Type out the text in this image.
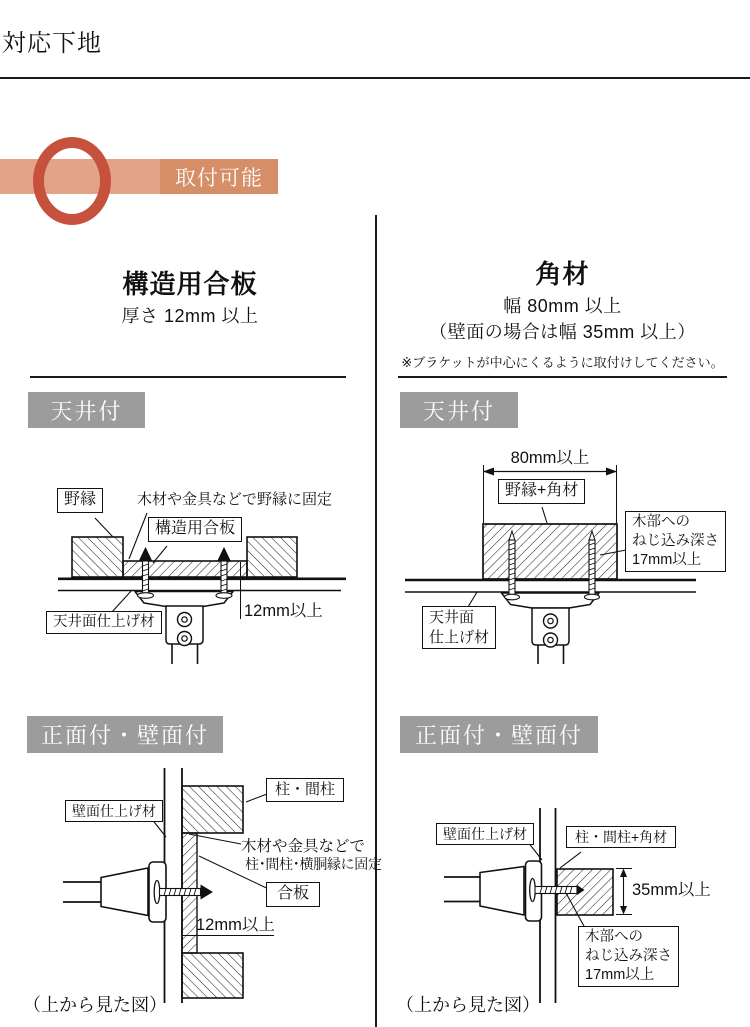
対応下地
取付可能
構造用合板
厚さ 12mm 以上
天井付
角材
幅 80mm 以上
（壁面の場合は幅 35mm 以上）
※ブラケットが中心にくるように取付けしてください。
天井付
野縁	木材や金具などで野縁に固定
構造用合板
天井面仕上げ材
12mm以上
80mm以上
野縁+角材
木部への
ねじ込み深さ
17mm以上
天井面
仕上げ材
正面付・壁面付	正面付・壁面付
壁面仕上げ材
柱・間柱
木材や金具などで
柱･間柱･横胴縁に固定
合板
12mm以上
（上から見た図）
壁面仕上げ材	柱・間柱+角材
35mm以上
木部への
ねじ込み深さ
17mm以上
（上から見た図）
